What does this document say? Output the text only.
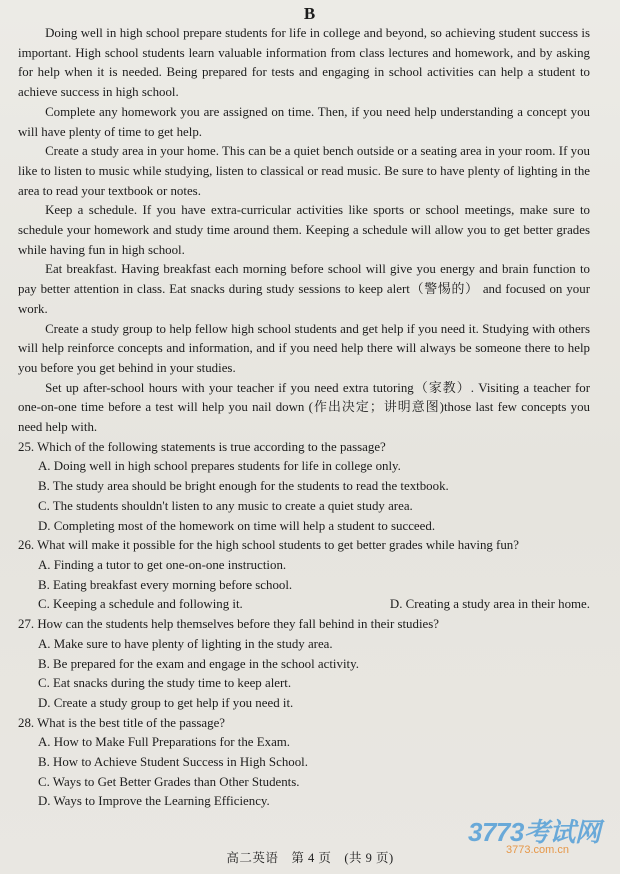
B

Doing well in high school prepare students for life in college and beyond, so achieving student success is important. High school students learn valuable information from class lectures and homework, and by asking for help when it is needed. Being prepared for tests and engaging in school activities can help a student to achieve success in high school.

Complete any homework you are assigned on time. Then, if you need help understanding a concept you will have plenty of time to get help.

Create a study area in your home. This can be a quiet bench outside or a seating area in your room. If you like to listen to music while studying, listen to classical or read music. Be sure to have plenty of lighting in the area to read your textbook or notes.

Keep a schedule. If you have extra-curricular activities like sports or school meetings, make sure to schedule your homework and study time around them. Keeping a schedule will allow you to get better grades while having fun in high school.

Eat breakfast. Having breakfast each morning before school will give you energy and brain function to pay better attention in class. Eat snacks during study sessions to keep alert（警惕的） and focused on your work.

Create a study group to help fellow high school students and get help if you need it. Studying with others will help reinforce concepts and information, and if you need help there will always be someone there to help you before you get behind in your studies.

Set up after-school hours with your teacher if you need extra tutoring（家教）. Visiting a teacher for one-on-one time before a test will help you nail down (作出决定；讲明意图)those last few concepts you need help with.

25. Which of the following statements is true according to the passage?

A. Doing well in high school prepares students for life in college only.

B. The study area should be bright enough for the students to read the textbook.

C. The students shouldn't listen to any music to create a quiet study area.

D. Completing most of the homework on time will help a student to succeed.

26. What will make it possible for the high school students to get better grades while having fun?

A. Finding a tutor to get one-on-one instruction.

B. Eating breakfast every morning before school.

C. Keeping a schedule and following it.	D. Creating a study area in their home.

27. How can the students help themselves before they fall behind in their studies?

A. Make sure to have plenty of lighting in the study area.

B. Be prepared for the exam and engage in the school activity.

C. Eat snacks during the study time to keep alert.

D. Create a study group to get help if you need it.

28. What is the best title of the passage?

A. How to Make Full Preparations for the Exam.

B. How to Achieve Student Success in High School.

C. Ways to Get Better Grades than Other Students.

D. Ways to Improve the Learning Efficiency.

3773考试网
3773.com.cn
高二英语　第 4 页　(共 9 页)
